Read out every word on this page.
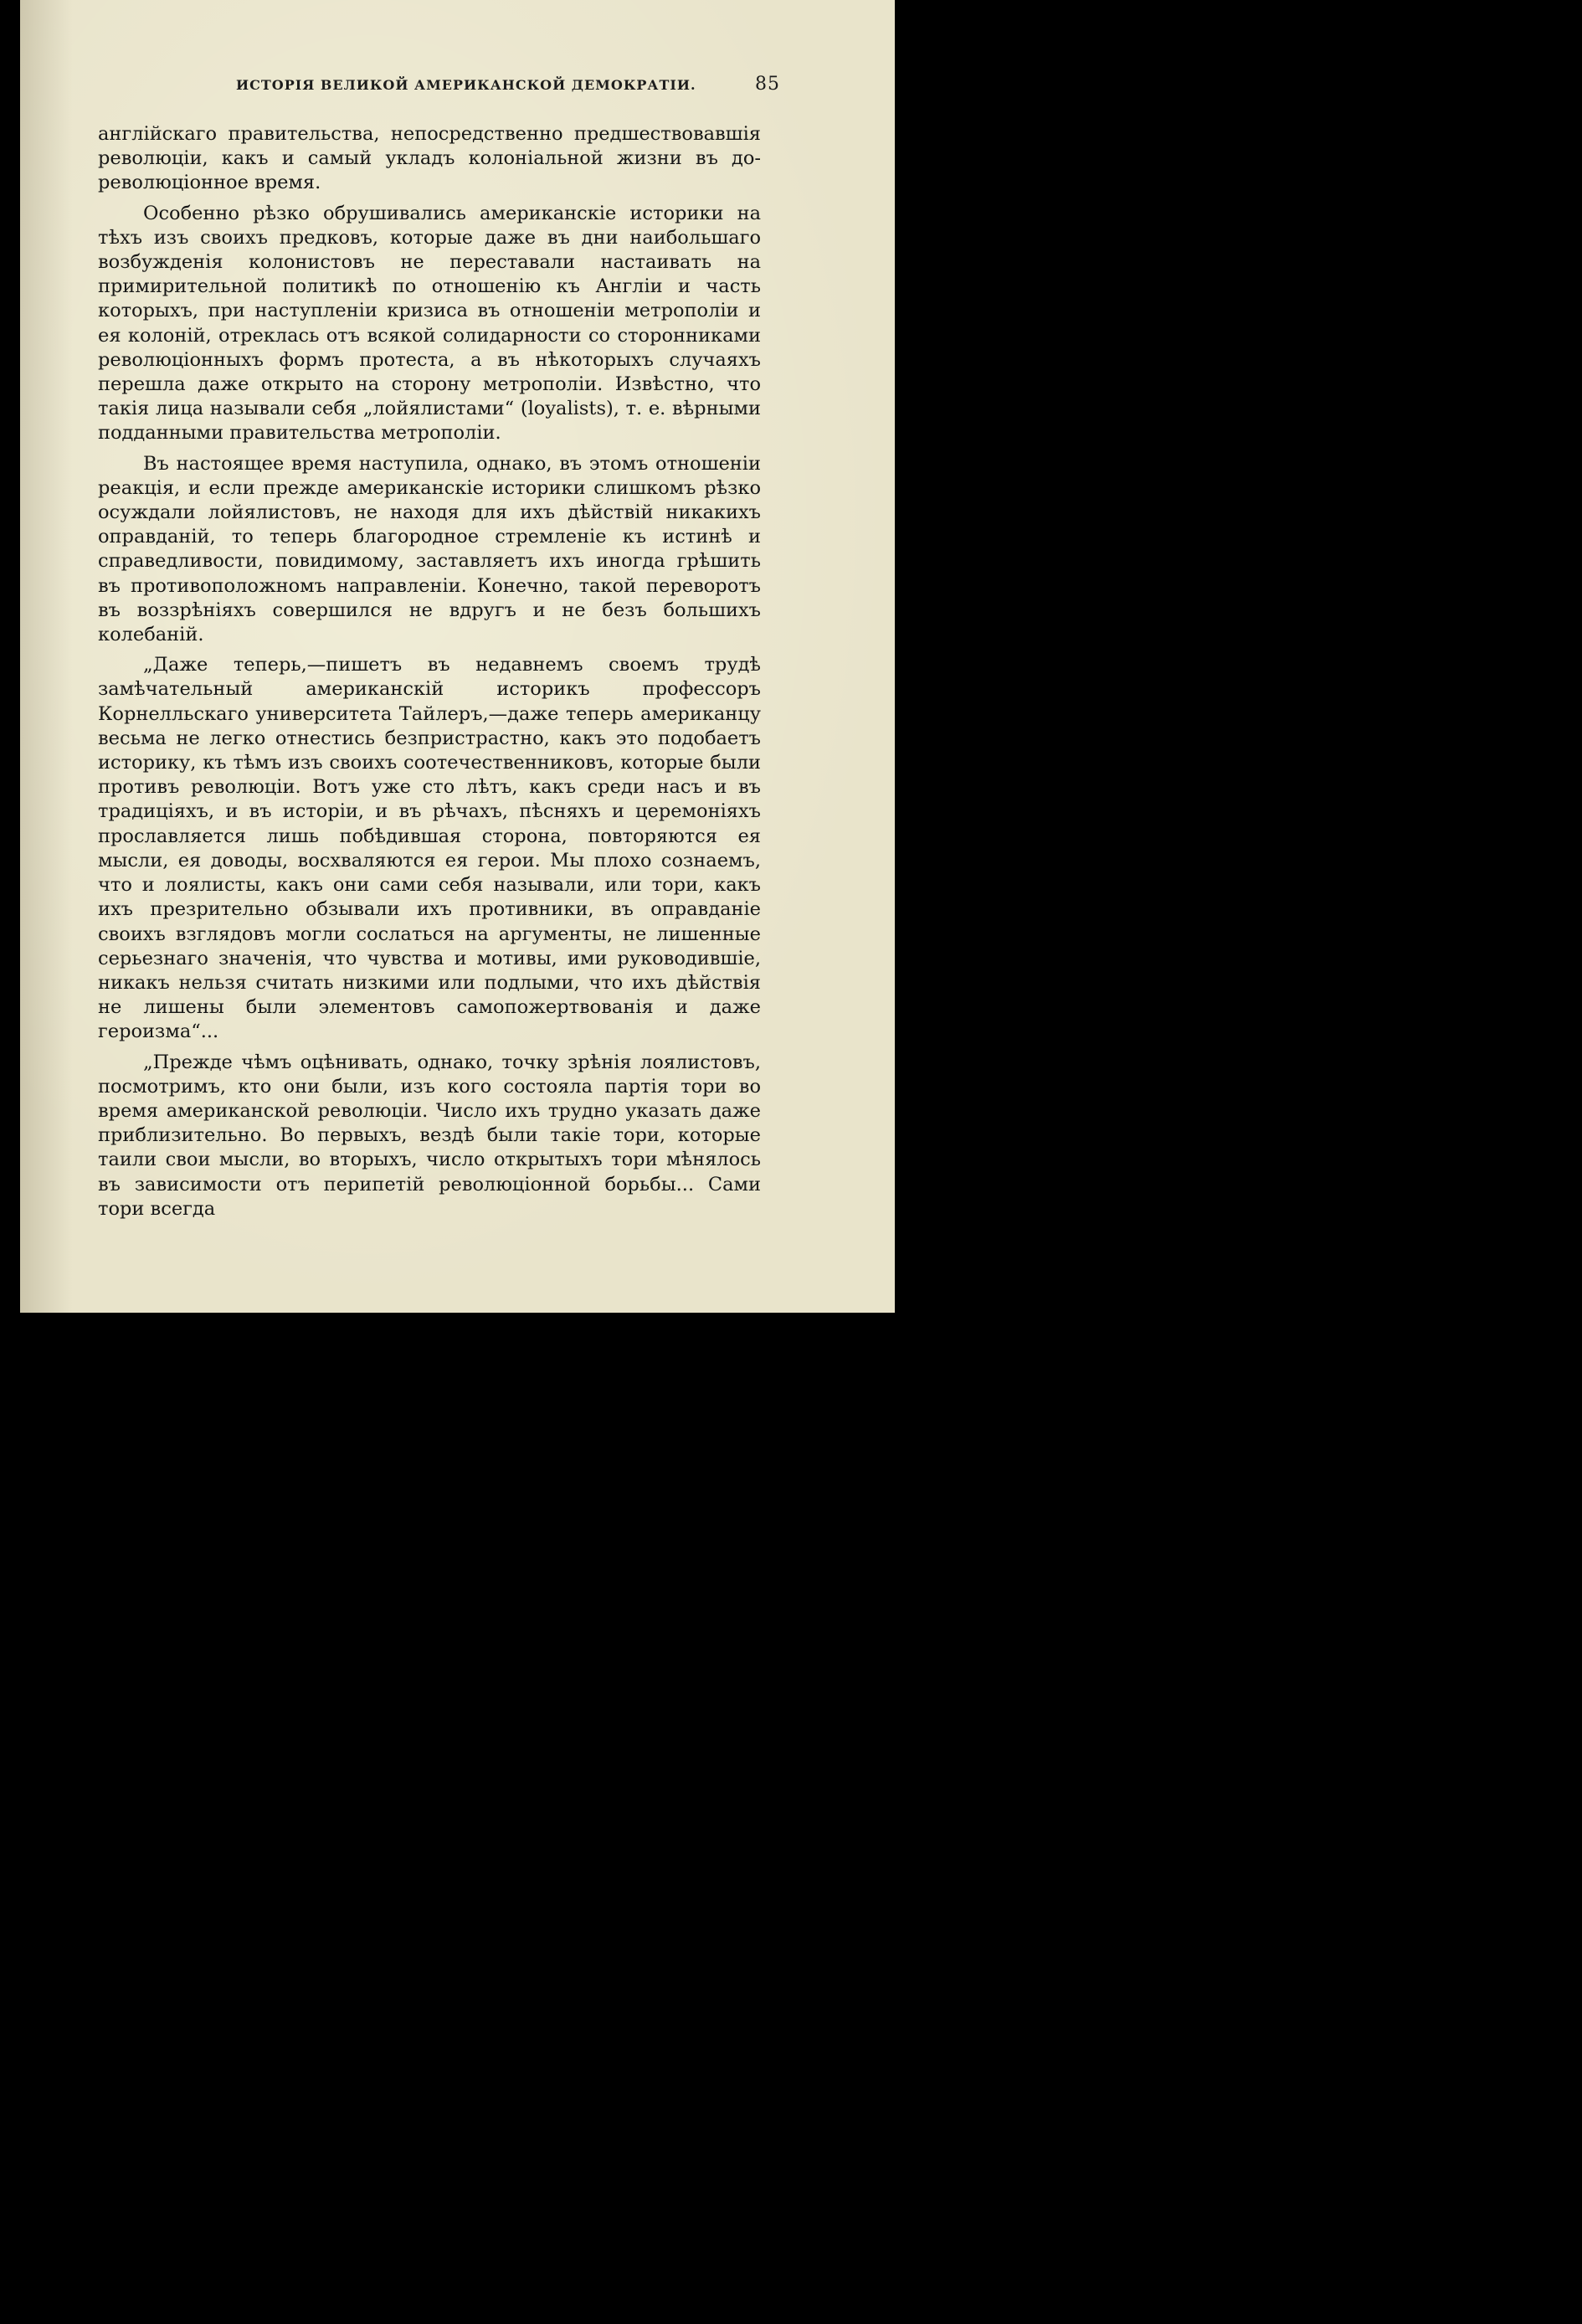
ИСТОРІЯ ВЕЛИКОЙ АМЕРИКАНСКОЙ ДЕМОКРАТІИ.	85

англійскаго правительства, непосредственно предшествовавшія революціи, какъ и самый укладъ колоніальной жизни въ до-революціонное время.

Особенно рѣзко обрушивались американскіе историки на тѣхъ изъ своихъ предковъ, которые даже въ дни наибольшаго возбужденія колонистовъ не переставали настаивать на примирительной политикѣ по отношенію къ Англіи и часть которыхъ, при наступленіи кризиса въ отношеніи метрополіи и ея колоній, отреклась отъ всякой солидарности со сторонниками революціонныхъ формъ протеста, а въ нѣкоторыхъ случаяхъ перешла даже открыто на сторону метрополіи. Извѣстно, что такія лица называли себя „лойялистами“ (loyalists), т. е. вѣрными подданными правительства метрополіи.

Въ настоящее время наступила, однако, въ этомъ отношеніи реакція, и если прежде американскіе историки слишкомъ рѣзко осуждали лойялистовъ, не находя для ихъ дѣйствій никакихъ оправданій, то теперь благородное стремленіе къ истинѣ и справедливости, повидимому, заставляетъ ихъ иногда грѣшить въ противоположномъ направленіи. Конечно, такой переворотъ въ воззрѣніяхъ совершился не вдругъ и не безъ большихъ колебаній.

„Даже теперь,—пишетъ въ недавнемъ своемъ трудѣ замѣчательный американскій историкъ профессоръ Корнелльскаго университета Тайлеръ,—даже теперь американцу весьма не легко отнестись безпристрастно, какъ это подобаетъ историку, къ тѣмъ изъ своихъ соотечественниковъ, которые были противъ революціи. Вотъ уже сто лѣтъ, какъ среди насъ и въ традиціяхъ, и въ исторіи, и въ рѣчахъ, пѣсняхъ и церемоніяхъ прославляется лишь побѣдившая сторона, повторяются ея мысли, ея доводы, восхваляются ея герои. Мы плохо сознаемъ, что и лоялисты, какъ они сами себя называли, или тори, какъ ихъ презрительно обзывали ихъ противники, въ оправданіе своихъ взглядовъ могли сослаться на аргументы, не лишенные серьезнаго значенія, что чувства и мотивы, ими руководившіе, никакъ нельзя считать низкими или подлыми, что ихъ дѣйствія не лишены были элементовъ самопожертвованія и даже героизма“...

„Прежде чѣмъ оцѣнивать, однако, точку зрѣнія лоялистовъ, посмотримъ, кто они были, изъ кого состояла партія тори во время американской революціи. Число ихъ трудно указать даже приблизительно. Во первыхъ, вездѣ были такіе тори, которые таили свои мысли, во вторыхъ, число открытыхъ тори мѣнялось въ зависимости отъ перипетій революціонной борьбы... Сами тори всегда
